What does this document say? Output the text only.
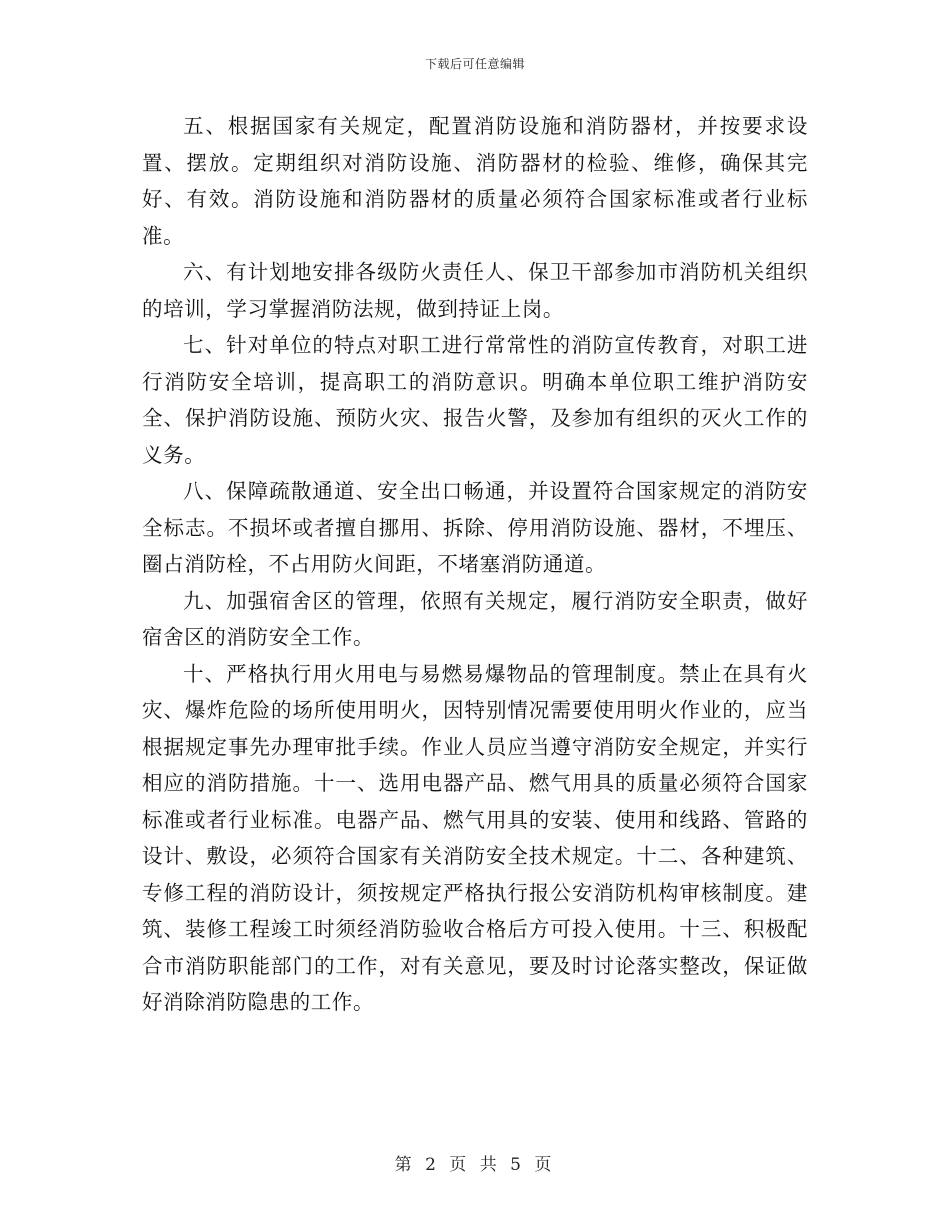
下载后可任意编辑

五、根据国家有关规定，配置消防设施和消防器材，并按要求设置、摆放。定期组织对消防设施、消防器材的检验、维修，确保其完好、有效。消防设施和消防器材的质量必须符合国家标准或者行业标准。

六、有计划地安排各级防火责任人、保卫干部参加市消防机关组织的培训，学习掌握消防法规，做到持证上岗。

七、针对单位的特点对职工进行常常性的消防宣传教育，对职工进行消防安全培训，提高职工的消防意识。明确本单位职工维护消防安全、保护消防设施、预防火灾、报告火警，及参加有组织的灭火工作的义务。

八、保障疏散通道、安全出口畅通，并设置符合国家规定的消防安全标志。不损坏或者擅自挪用、拆除、停用消防设施、器材，不埋压、圈占消防栓，不占用防火间距，不堵塞消防通道。

九、加强宿舍区的管理，依照有关规定，履行消防安全职责，做好宿舍区的消防安全工作。

十、严格执行用火用电与易燃易爆物品的管理制度。禁止在具有火灾、爆炸危险的场所使用明火，因特别情况需要使用明火作业的，应当根据规定事先办理审批手续。作业人员应当遵守消防安全规定，并实行相应的消防措施。十一、选用电器产品、燃气用具的质量必须符合国家标准或者行业标准。电器产品、燃气用具的安装、使用和线路、管路的设计、敷设，必须符合国家有关消防安全技术规定。十二、各种建筑、专修工程的消防设计，须按规定严格执行报公安消防机构审核制度。建筑、装修工程竣工时须经消防验收合格后方可投入使用。十三、积极配合市消防职能部门的工作，对有关意见，要及时讨论落实整改，保证做好消除消防隐患的工作。

第 2 页 共 5 页
